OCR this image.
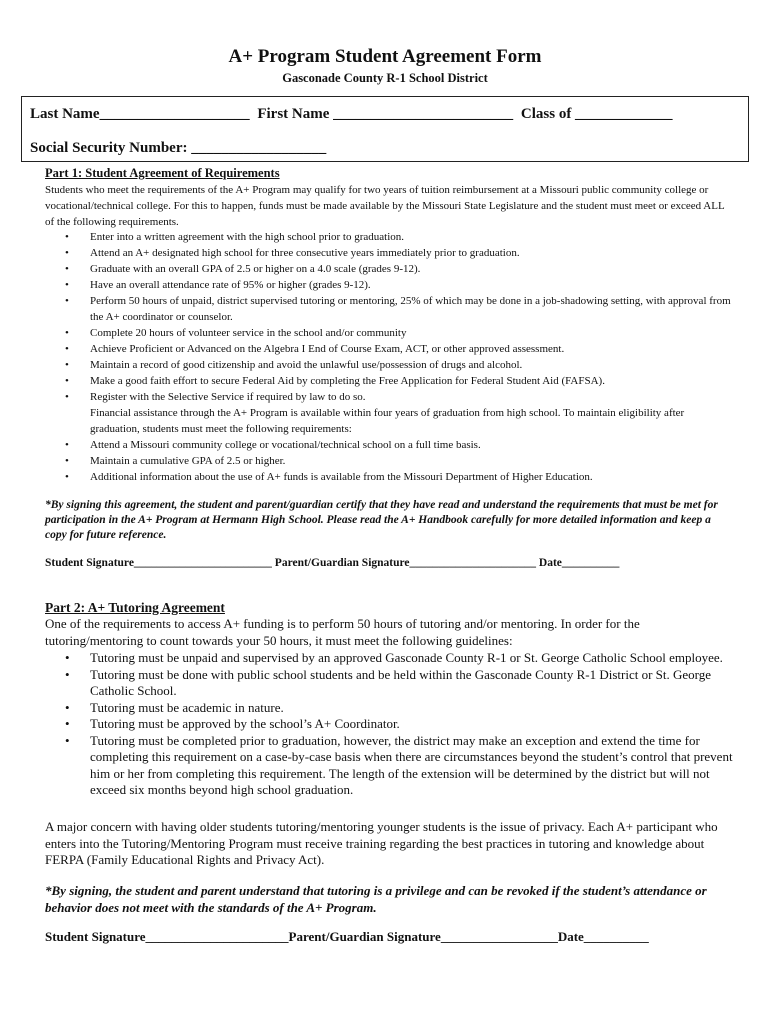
A+ Program Student Agreement Form
Gasconade County R-1 School District
Last Name____________________ First Name ________________________ Class of _____________
Social Security Number: __________________
Part 1: Student Agreement of Requirements
Students who meet the requirements of the A+ Program may qualify for two years of tuition reimbursement at a Missouri public community college or vocational/technical college. For this to happen, funds must be made available by the Missouri State Legislature and the student must meet or exceed ALL of the following requirements.
• Enter into a written agreement with the high school prior to graduation.
• Attend an A+ designated high school for three consecutive years immediately prior to graduation.
• Graduate with an overall GPA of 2.5 or higher on a 4.0 scale (grades 9-12).
• Have an overall attendance rate of 95% or higher (grades 9-12).
• Perform 50 hours of unpaid, district supervised tutoring or mentoring, 25% of which may be done in a job-shadowing setting, with approval from the A+ coordinator or counselor.
• Complete 20 hours of volunteer service in the school and/or community
• Achieve Proficient or Advanced on the Algebra I End of Course Exam, ACT, or other approved assessment.
• Maintain a record of good citizenship and avoid the unlawful use/possession of drugs and alcohol.
• Make a good faith effort to secure Federal Aid by completing the Free Application for Federal Student Aid (FAFSA).
• Register with the Selective Service if required by law to do so.
Financial assistance through the A+ Program is available within four years of graduation from high school. To maintain eligibility after graduation, students must meet the following requirements:
• Attend a Missouri community college or vocational/technical school on a full time basis.
• Maintain a cumulative GPA of 2.5 or higher.
• Additional information about the use of A+ funds is available from the Missouri Department of Higher Education.
*By signing this agreement, the student and parent/guardian certify that they have read and understand the requirements that must be met for participation in the A+ Program at Hermann High School. Please read the A+ Handbook carefully for more detailed information and keep a copy for future reference.
Student Signature________________________ Parent/Guardian Signature______________________ Date__________
Part 2: A+ Tutoring Agreement
One of the requirements to access A+ funding is to perform 50 hours of tutoring and/or mentoring. In order for the tutoring/mentoring to count towards your 50 hours, it must meet the following guidelines:
• Tutoring must be unpaid and supervised by an approved Gasconade County R-1 or St. George Catholic School employee.
• Tutoring must be done with public school students and be held within the Gasconade County R-1 District or St. George Catholic School.
• Tutoring must be academic in nature.
• Tutoring must be approved by the school’s A+ Coordinator.
• Tutoring must be completed prior to graduation, however, the district may make an exception and extend the time for completing this requirement on a case-by-case basis when there are circumstances beyond the student’s control that prevent him or her from completing this requirement. The length of the extension will be determined by the district but will not exceed six months beyond high school graduation.
A major concern with having older students tutoring/mentoring younger students is the issue of privacy. Each A+ participant who enters into the Tutoring/Mentoring Program must receive training regarding the best practices in tutoring and knowledge about FERPA (Family Educational Rights and Privacy Act).
*By signing, the student and parent understand that tutoring is a privilege and can be revoked if the student’s attendance or behavior does not meet with the standards of the A+ Program.
Student Signature______________________Parent/Guardian Signature__________________Date__________
